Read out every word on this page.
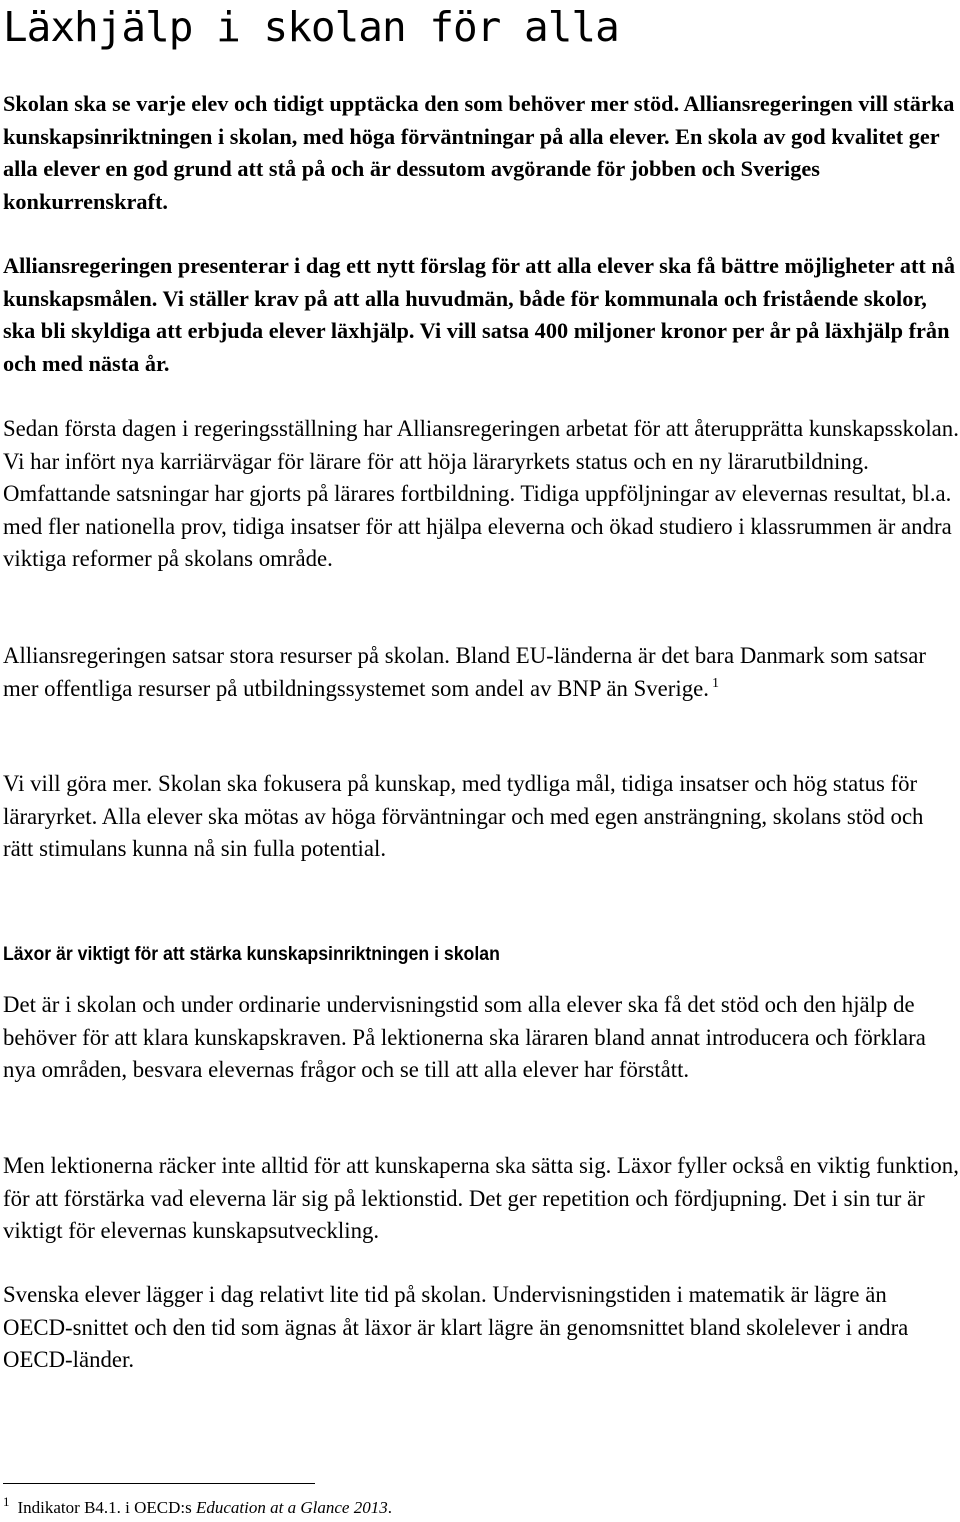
Läxhjälp i skolan för alla

Skolan ska se varje elev och tidigt upptäcka den som behöver mer stöd. Alliansregeringen vill stärka kunskapsinriktningen i skolan, med höga förväntningar på alla elever. En skola av god kvalitet ger alla elever en god grund att stå på och är dessutom avgörande för jobben och Sveriges konkurrenskraft.

Alliansregeringen presenterar i dag ett nytt förslag för att alla elever ska få bättre möjligheter att nå kunskapsmålen. Vi ställer krav på att alla huvudmän, både för kommunala och fristående skolor, ska bli skyldiga att erbjuda elever läxhjälp. Vi vill satsa 400 miljoner kronor per år på läxhjälp från och med nästa år.

Sedan första dagen i regeringsställning har Alliansregeringen arbetat för att återupprätta kunskapsskolan. Vi har infört nya karriärvägar för lärare för att höja läraryrkets status och en ny lärarutbildning. Omfattande satsningar har gjorts på lärares fortbildning. Tidiga uppföljningar av elevernas resultat, bl.a. med fler nationella prov, tidiga insatser för att hjälpa eleverna och ökad studiero i klassrummen är andra viktiga reformer på skolans område.

Alliansregeringen satsar stora resurser på skolan. Bland EU-länderna är det bara Danmark som satsar mer offentliga resurser på utbildningssystemet som andel av BNP än Sverige. $^1$

Vi vill göra mer. Skolan ska fokusera på kunskap, med tydliga mål, tidiga insatser och hög status för läraryrket. Alla elever ska mötas av höga förväntningar och med egen ansträngning, skolans stöd och rätt stimulans kunna nå sin fulla potential.

Läxor är viktigt för att stärka kunskapsinriktningen i skolan

Det är i skolan och under ordinarie undervisningstid som alla elever ska få det stöd och den hjälp de behöver för att klara kunskapskraven. På lektionerna ska läraren bland annat introducera och förklara nya områden, besvara elevernas frågor och se till att alla elever har förstått.

Men lektionerna räcker inte alltid för att kunskaperna ska sätta sig. Läxor fyller också en viktig funktion, för att förstärka vad eleverna lär sig på lektionstid. Det ger repetition och fördjupning. Det i sin tur är viktigt för elevernas kunskapsutveckling.

Svenska elever lägger i dag relativt lite tid på skolan. Undervisningstiden i matematik är lägre än OECD-snittet och den tid som ägnas åt läxor är klart lägre än genomsnittet bland skolelever i andra OECD-länder.

$^1$ Indikator B4.1. i OECD:s Education at a Glance 2013.
